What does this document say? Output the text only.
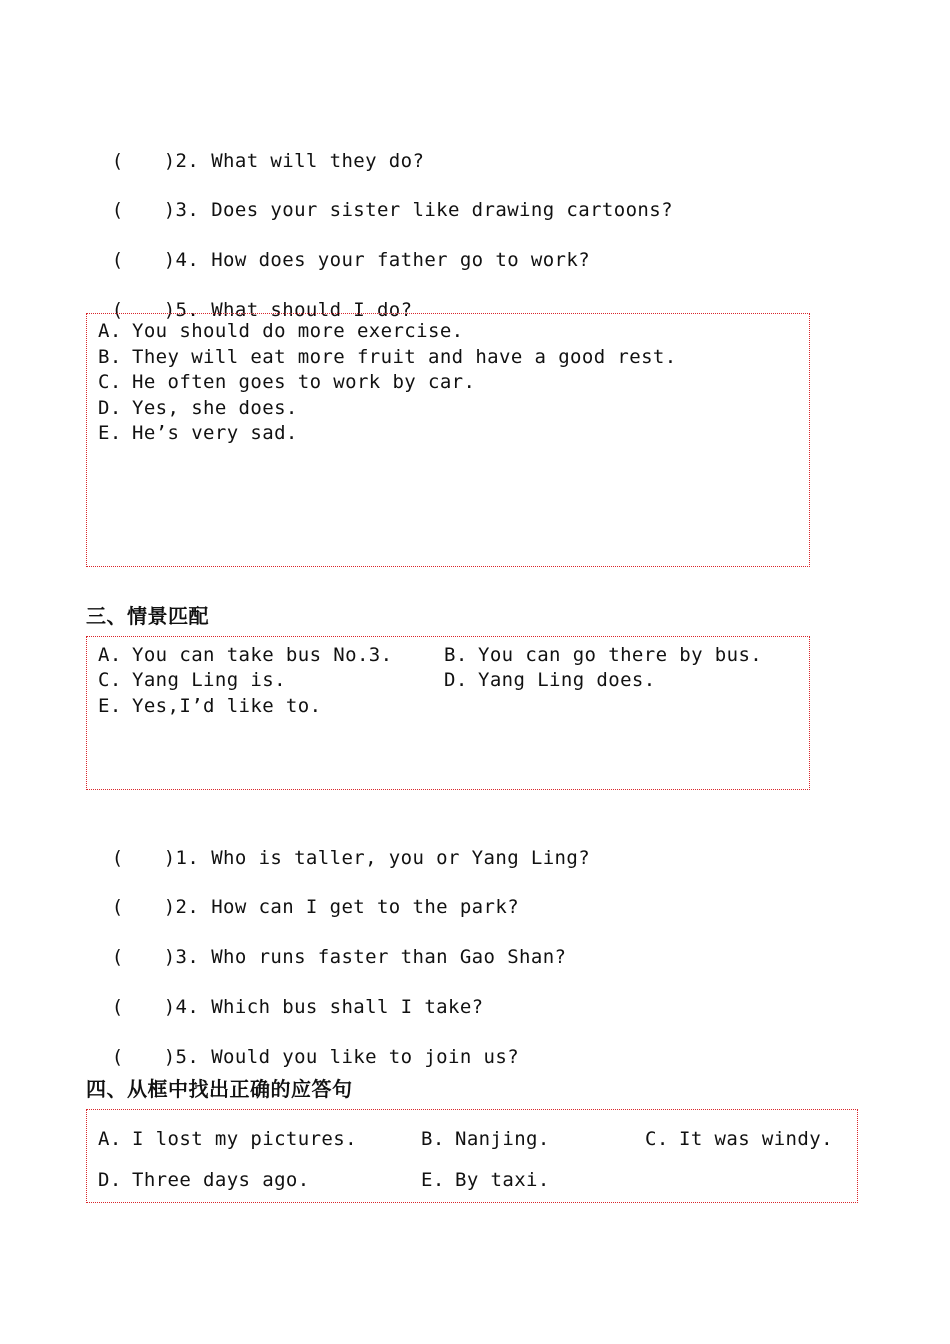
( )2. What will they do?

( )3. Does your sister like drawing cartoons?

( )4. How does your father go to work?

( )5. What should I do?

A. You should do more exercise.
B. They will eat more fruit and have a good rest.
C. He often goes to work by car.
D. Yes, she does.
E. He’s very sad.
三、情景匹配
A. You can take bus No.3.	B. You can go there by bus.
C. Yang Ling is.	D. Yang Ling does.
E. Yes,I’d like to.

( )1. Who is taller, you or Yang Ling?

( )2. How can I get to the park?

( )3. Who runs faster than Gao Shan?

( )4. Which bus shall I take?

( )5. Would you like to join us?

四、从框中找出正确的应答句
A. I lost my pictures.	B. Nanjing.	C. It was windy.
D. Three days ago.	E. By taxi.
